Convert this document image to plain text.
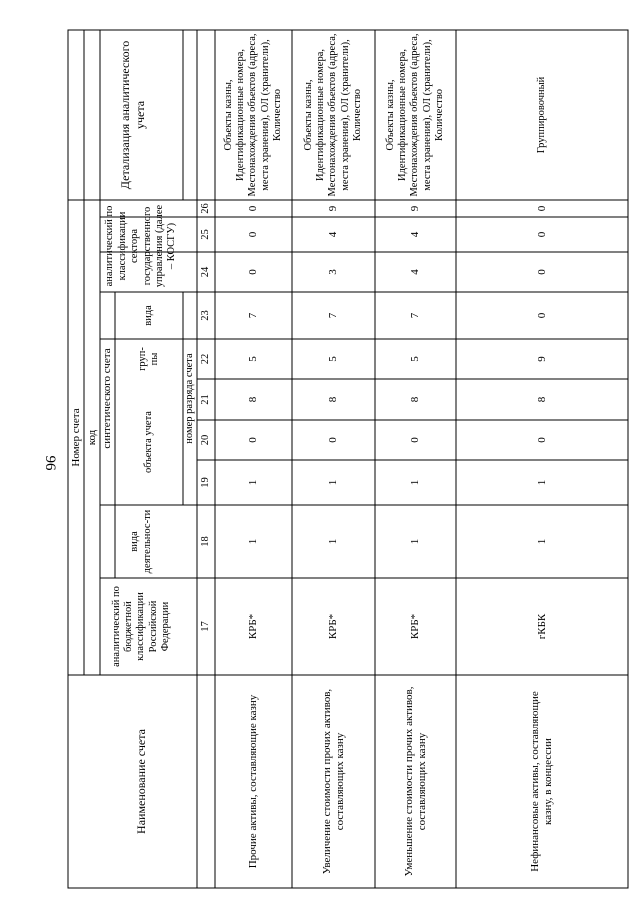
96
Детализация аналитического учета
Номер счета код
аналитический по классификации сектора государственного управления (далее – КОСГУ)
синтетического счета
вида
груп-пы
объекта учета
вида деятельнос-ти
аналитический по бюджетной классификации Российской Федерации
номер разряда счета
Наименование счета
17
18
19
20
21
22
23
24
25
26
Прочие активы, составляющие казну
КРБ*
1
1
0
8
5
7
0
0
0
Объекты казны, Идентификационные номера, Местонахождения объектов (адреса, места хранения), ОЛ (хранители), Количество
Увеличение стоимости прочих активов, составляющих казну
КРБ*
1
1
0
8
5
7
3
4
9
Объекты казны, Идентификационные номера, Местонахождения объектов (адреса, места хранения), ОЛ (хранители), Количество
Уменьшение стоимости прочих активов, составляющих казну
КРБ*
1
1
0
8
5
7
4
4
9
Объекты казны, Идентификационные номера, Местонахождения объектов (адреса, места хранения), ОЛ (хранители), Количество
Нефинансовые активы, составляющие казну, в концессии
гКБК
1
1
0
8
9
0
0
0
0
Группировочный
